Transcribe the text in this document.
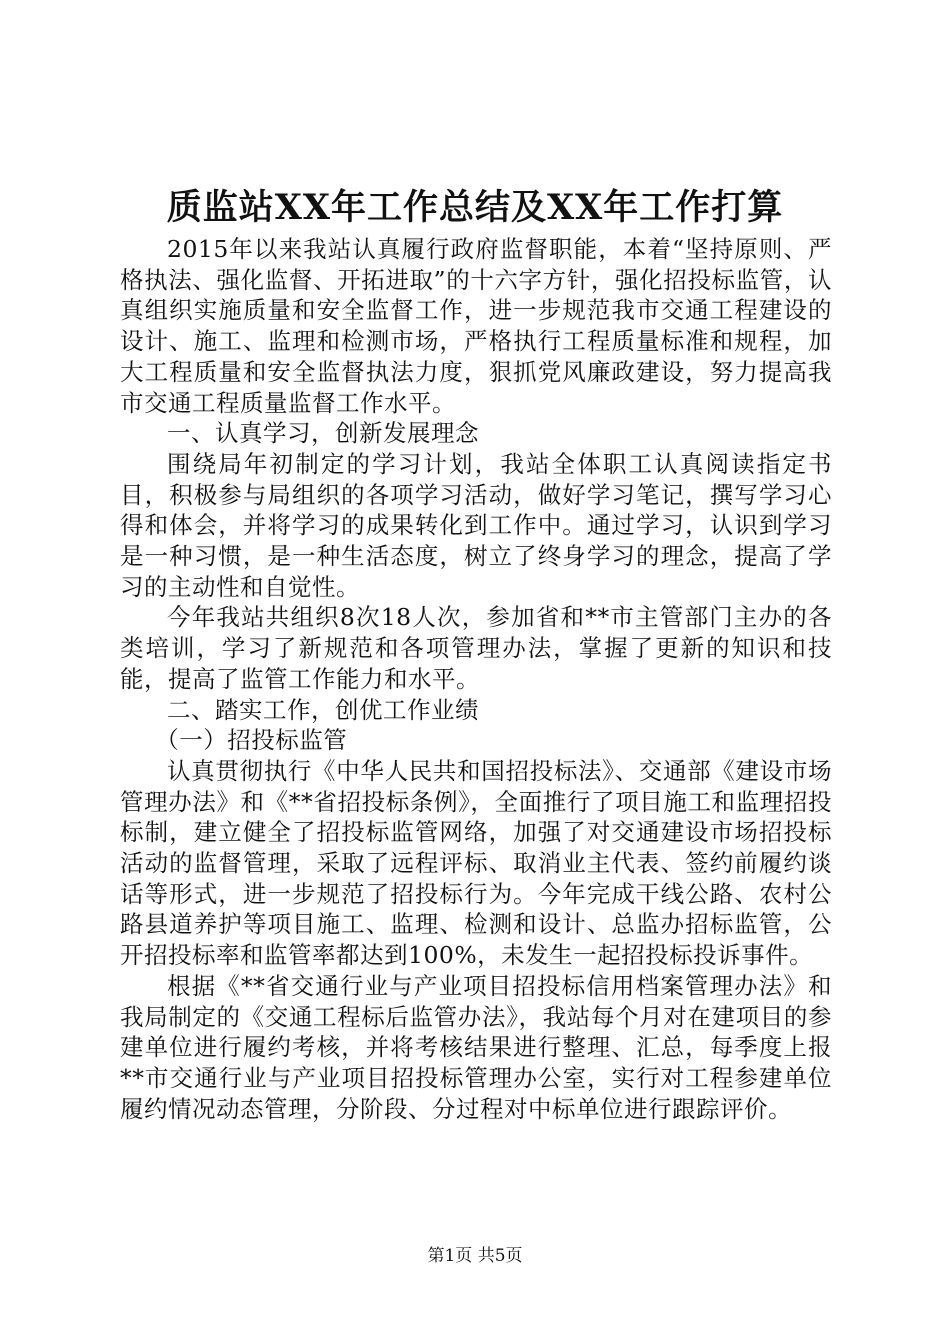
质监站XX年工作总结及XX年工作打算

2015年以来我站认真履行政府监督职能，本着“坚持原则、严格执法、强化监督、开拓进取”的十六字方针，强化招投标监管，认真组织实施质量和安全监督工作，进一步规范我市交通工程建设的设计、施工、监理和检测市场，严格执行工程质量标准和规程，加大工程质量和安全监督执法力度，狠抓党风廉政建设，努力提高我市交通工程质量监督工作水平。

一、认真学习，创新发展理念

围绕局年初制定的学习计划，我站全体职工认真阅读指定书目，积极参与局组织的各项学习活动，做好学习笔记，撰写学习心得和体会，并将学习的成果转化到工作中。通过学习，认识到学习是一种习惯，是一种生活态度，树立了终身学习的理念，提高了学习的主动性和自觉性。

今年我站共组织8次18人次，参加省和**市主管部门主办的各类培训，学习了新规范和各项管理办法，掌握了更新的知识和技能，提高了监管工作能力和水平。

二、踏实工作，创优工作业绩

（一）招投标监管

认真贯彻执行《中华人民共和国招投标法》、交通部《建设市场管理办法》和《**省招投标条例》，全面推行了项目施工和监理招投标制，建立健全了招投标监管网络，加强了对交通建设市场招投标活动的监督管理，采取了远程评标、取消业主代表、签约前履约谈话等形式，进一步规范了招投标行为。今年完成干线公路、农村公路县道养护等项目施工、监理、检测和设计、总监办招标监管，公开招投标率和监管率都达到100%，未发生一起招投标投诉事件。

根据《**省交通行业与产业项目招投标信用档案管理办法》和我局制定的《交通工程标后监管办法》，我站每个月对在建项目的参建单位进行履约考核，并将考核结果进行整理、汇总，每季度上报**市交通行业与产业项目招投标管理办公室，实行对工程参建单位履约情况动态管理，分阶段、分过程对中标单位进行跟踪评价。

第1页 共5页
